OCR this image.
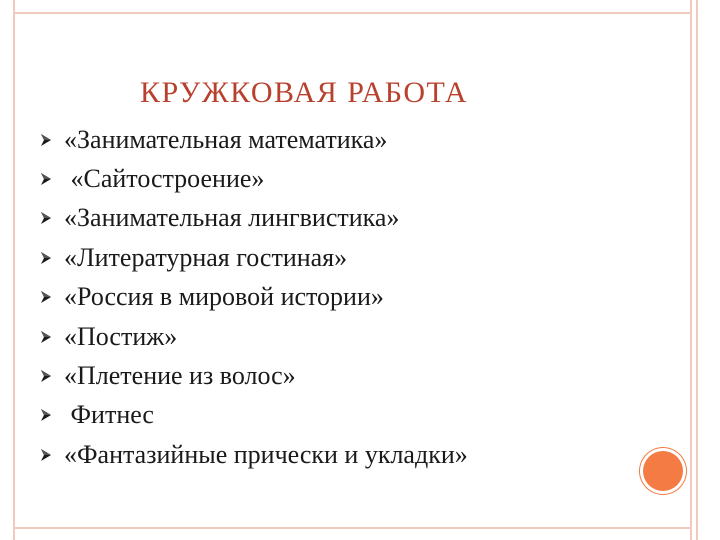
КРУЖКОВАЯ РАБОТА
«Занимательная математика»
«Сайтостроение»
«Занимательная лингвистика»
«Литературная гостиная»
«Россия в мировой истории»
«Постиж»
«Плетение из волос»
Фитнес
«Фантазийные прически и укладки»
